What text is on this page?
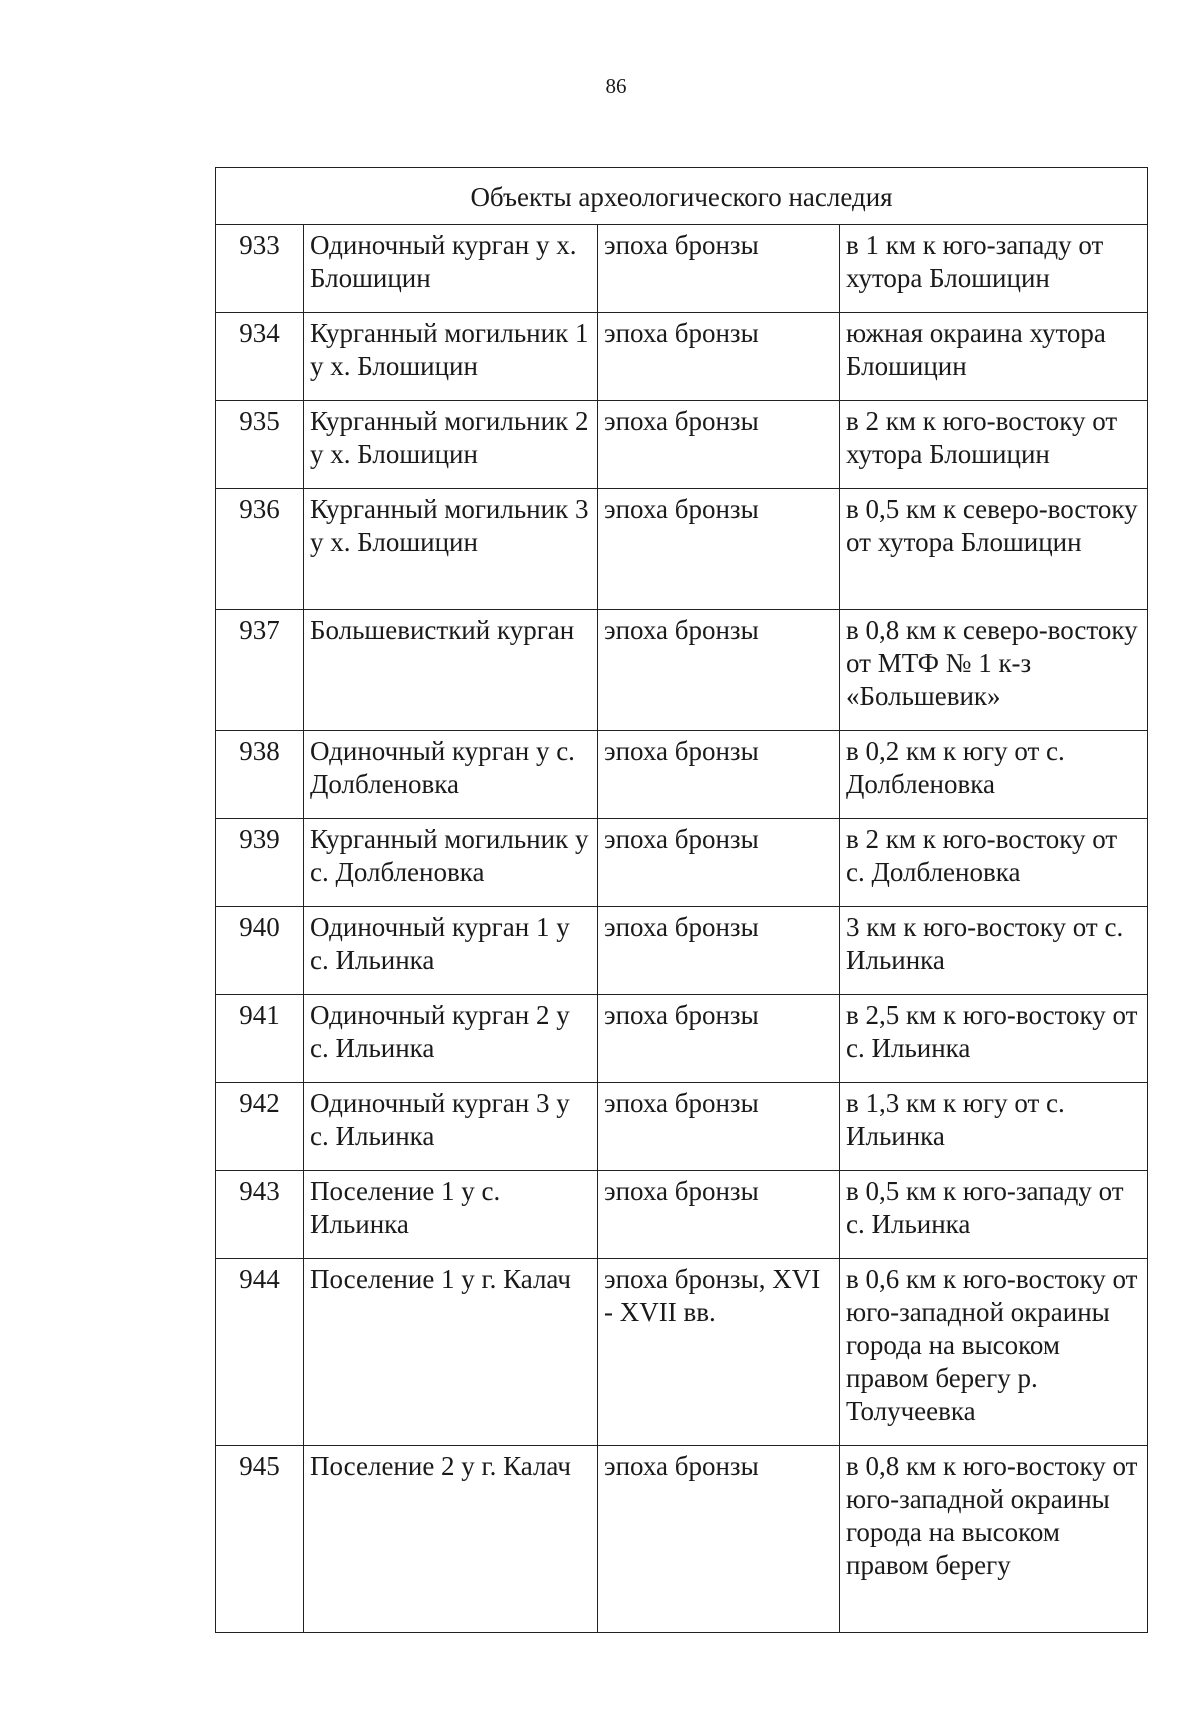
86
Объекты археологического наследия			
933	Одиночный курган у х. Блошицин	эпоха бронзы	в 1 км к юго-западу от хутора Блошицин
934	Курганный могильник 1 у х. Блошицин	эпоха бронзы	южная окраина хутора Блошицин
935	Курганный могильник 2 у х. Блошицин	эпоха бронзы	в 2 км к юго-востоку от хутора Блошицин
936	Курганный могильник 3 у х. Блошицин	эпоха бронзы	в 0,5 км к северо-востоку от хутора Блошицин
937	Большевисткий курган	эпоха бронзы	в 0,8 км к северо-востоку от МТФ № 1 к-з «Большевик»
938	Одиночный курган у с. Долбленовка	эпоха бронзы	в 0,2 км к югу от с. Долбленовка
939	Курганный могильник у с. Долбленовка	эпоха бронзы	в 2 км к юго-востоку от с. Долбленовка
940	Одиночный курган 1 у с. Ильинка	эпоха бронзы	3 км к юго-востоку от с. Ильинка
941	Одиночный курган 2 у с. Ильинка	эпоха бронзы	в 2,5 км к юго-востоку от с. Ильинка
942	Одиночный курган 3 у с. Ильинка	эпоха бронзы	в 1,3 км к югу от с. Ильинка
943	Поселение 1 у с. Ильинка	эпоха бронзы	в 0,5 км к юго-западу от с. Ильинка
944	Поселение 1 у г. Калач	эпоха бронзы, XVI - XVII вв.	в 0,6 км к юго-востоку от юго-западной окраины города на высоком правом берегу р. Толучеевка
945	Поселение 2 у г. Калач	эпоха бронзы	в 0,8 км к юго-востоку от юго-западной окраины города на высоком правом берегу
